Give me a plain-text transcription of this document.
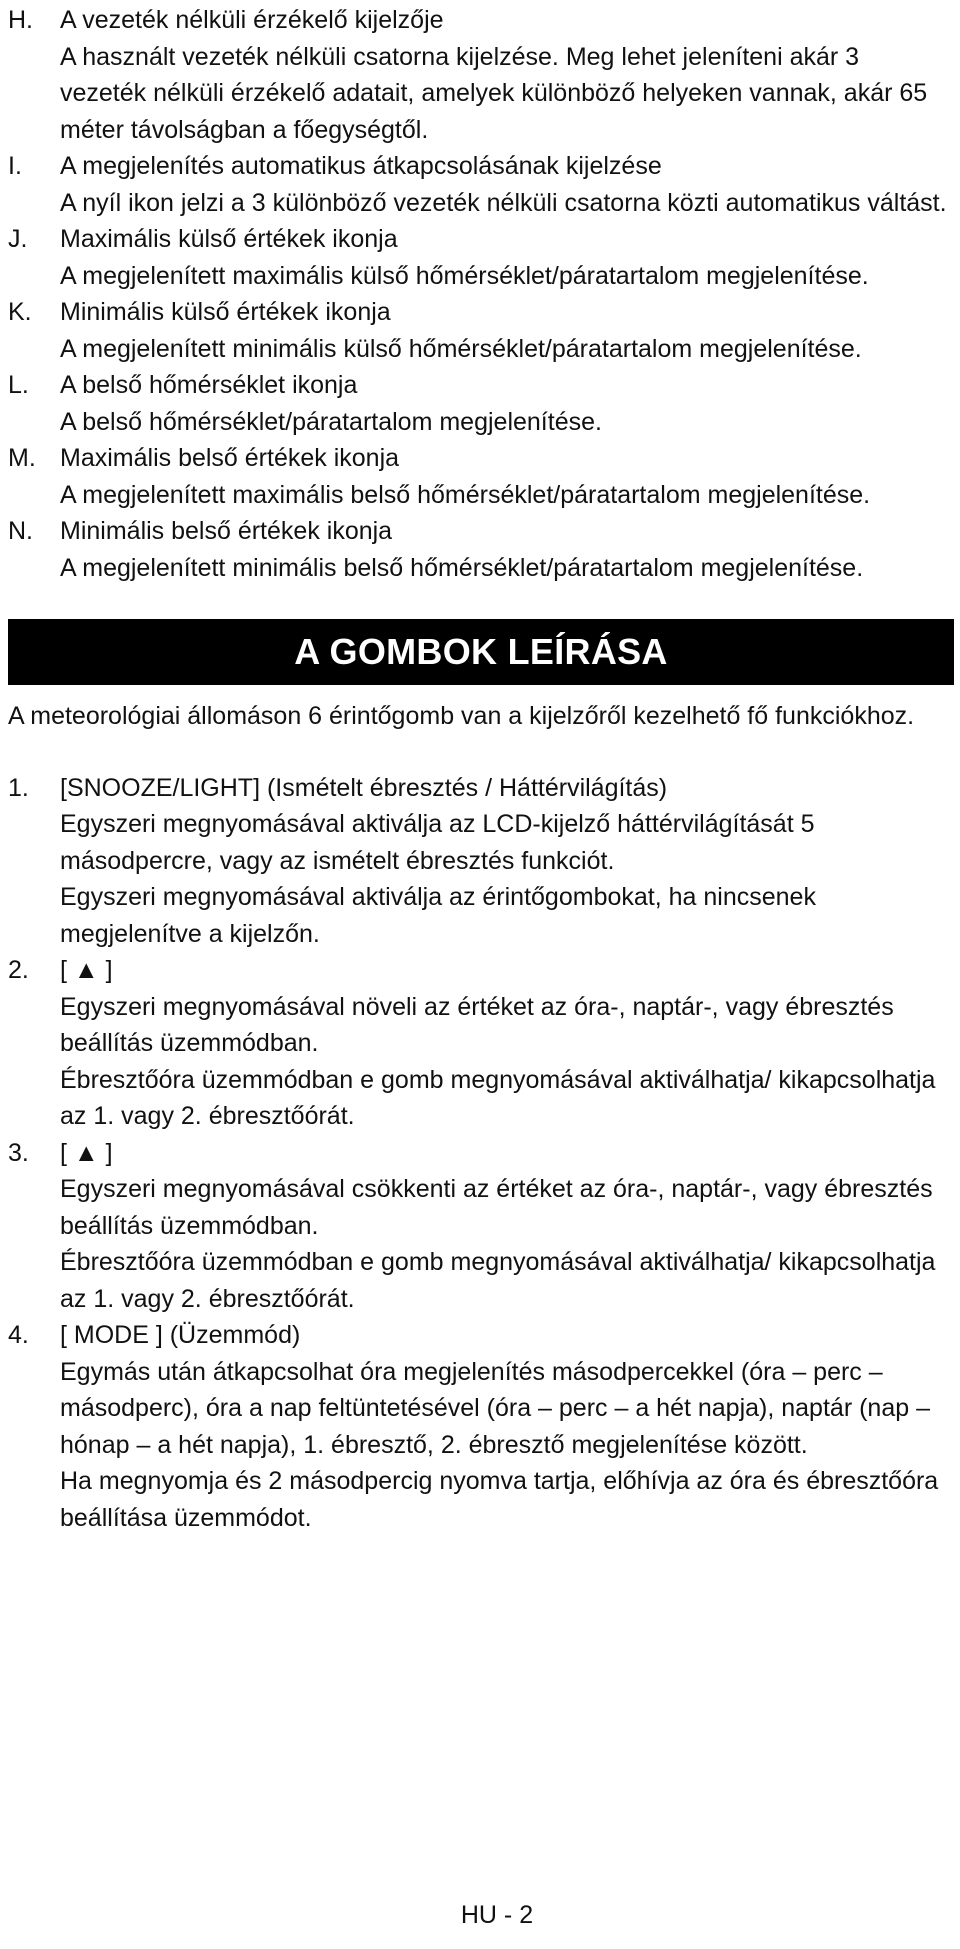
H.	A vezeték nélküli érzékelő kijelzője
A használt vezeték nélküli csatorna kijelzése. Meg lehet jeleníteni akár 3 vezeték nélküli érzékelő adatait, amelyek különböző helyeken vannak, akár 65 méter távolságban a főegységtől.
I.	A megjelenítés automatikus átkapcsolásának kijelzése
A nyíl ikon jelzi a 3 különböző vezeték nélküli csatorna közti automatikus váltást.
J.	Maximális külső értékek ikonja
A megjelenített maximális külső hőmérséklet/páratartalom megjelenítése.
K.	Minimális külső értékek ikonja
A megjelenített minimális külső hőmérséklet/páratartalom megjelenítése.
L.	A belső hőmérséklet ikonja
A belső hőmérséklet/páratartalom megjelenítése.
M. Maximális belső értékek ikonja
A megjelenített maximális belső hőmérséklet/páratartalom megjelenítése.
N.	Minimális belső értékek ikonja
A megjelenített minimális belső hőmérséklet/páratartalom megjelenítése.
A GOMBOK LEÍRÁSA
A meteorológiai állomáson 6 érintőgomb van a kijelzőről kezelhető fő funkciókhoz.
1.	[SNOOZE/LIGHT] (Ismételt ébresztés / Háttérvilágítás)
Egyszeri megnyomásával aktiválja az LCD-kijelző háttérvilágítását 5 másodpercre, vagy az ismételt ébresztés funkciót.
Egyszeri megnyomásával aktiválja az érintőgombokat, ha nincsenek megjelenítve a kijelzőn.
2.	[ ▲ ]
Egyszeri megnyomásával növeli az értéket az óra-, naptár-, vagy ébresztés beállítás üzemmódban.
Ébresztőóra üzemmódban e gomb megnyomásával aktiválhatja/ kikapcsolhatja az 1. vagy 2. ébresztőórát.
3.	[ ▲ ]
Egyszeri megnyomásával csökkenti az értéket az óra-, naptár-, vagy ébresztés beállítás üzemmódban.
Ébresztőóra üzemmódban e gomb megnyomásával aktiválhatja/ kikapcsolhatja az 1. vagy 2. ébresztőórát.
4.	[ MODE ] (Üzemmód)
Egymás után átkapcsolhat óra megjelenítés másodpercekkel (óra – perc – másodperc), óra a nap feltüntetésével (óra – perc – a hét napja), naptár (nap – hónap – a hét napja), 1. ébresztő, 2. ébresztő megjelenítése között.
Ha megnyomja és 2 másodpercig nyomva tartja, előhívja az óra és ébresztőóra beállítása üzemmódot.
HU - 2
